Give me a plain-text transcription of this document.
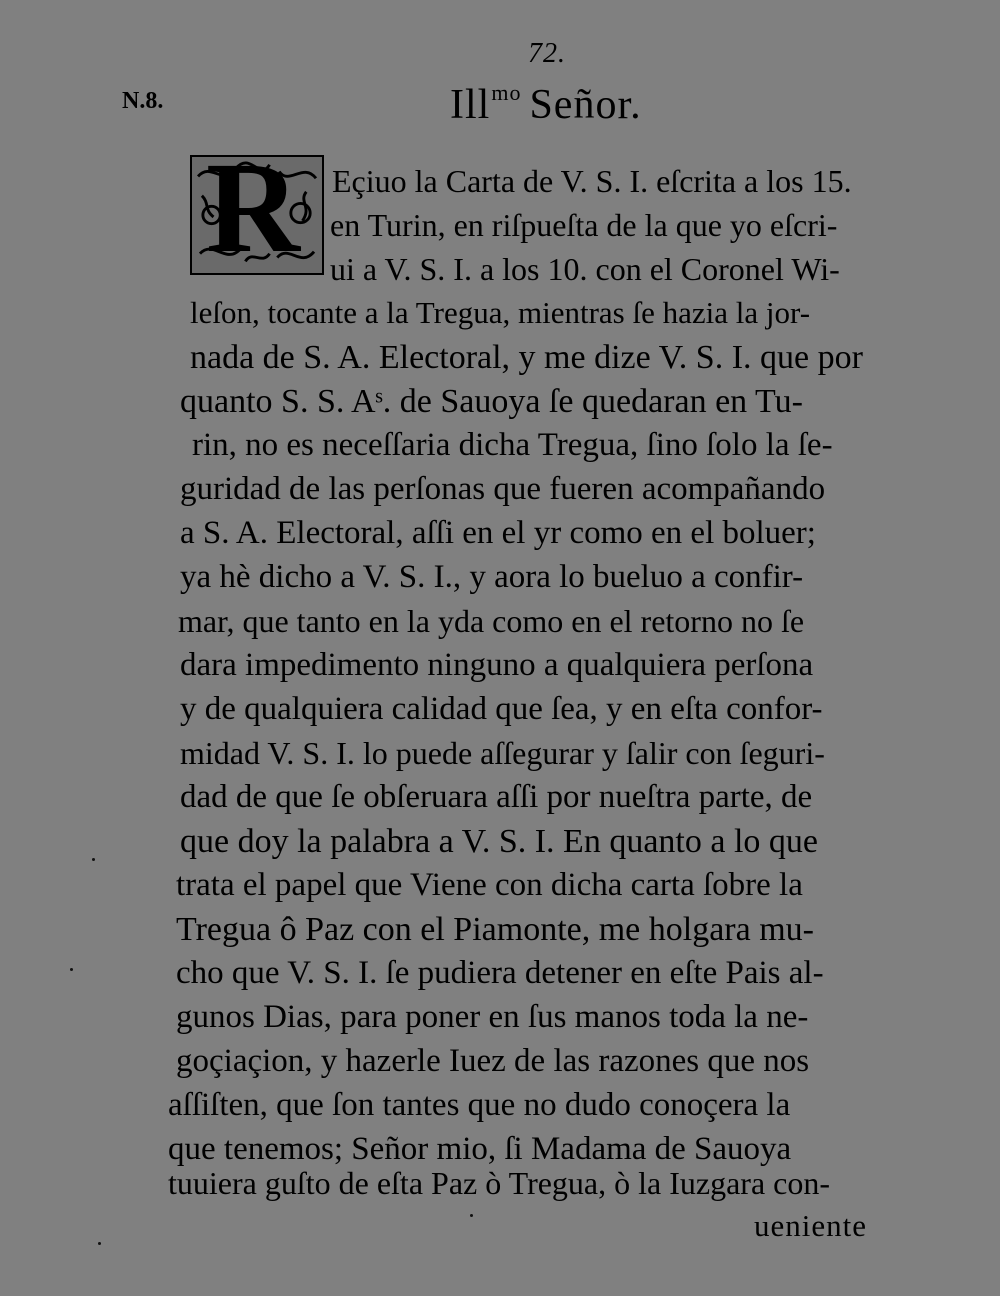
72.
N.8.	Ill$^{mo}$ Señor.
R Eçiuo la Carta de V. S. I. eſcrita a los 15.
en Turin, en riſpueſta de la que yo eſcri-
ui a V. S. I. a los 10. con el Coronel Wi-
leſon, tocante a la Tregua, mientras ſe hazia la jor-
nada de S. A. Electoral, y me dize V. S. I. que por
quanto S. S. Aˢ. de Sauoya ſe quedaran en Tu-
rin, no es neceſſaria dicha Tregua, ſino ſolo la ſe-
guridad de las perſonas que fueren acompañando
a S. A. Electoral, aſſi en el yr como en el boluer;
ya hè dicho a V. S. I., y aora lo bueluo a confir-
mar, que tanto en la yda como en el retorno no ſe
dara impedimento ninguno a qualquiera perſona
y de qualquiera calidad que ſea, y en eſta confor-
midad V. S. I. lo puede aſſegurar y ſalir con ſeguri-
dad de que ſe obſeruara aſſi por nueſtra parte, de
que doy la palabra a V. S. I. En quanto a lo que
trata el papel que Viene con dicha carta ſobre la
Tregua ô Paz con el Piamonte, me holgara mu-
cho que V. S. I. ſe pudiera detener en eſte Pais al-
gunos Dias, para poner en ſus manos toda la ne-
goçiaçion, y hazerle Iuez de las razones que nos
aſſiſten, que ſon tantes que no dudo conoçera la
que tenemos; Señor mio, ſi Madama de Sauoya
tuuiera guſto de eſta Paz ò Tregua, ò la Iuzgara con-
ueniente
